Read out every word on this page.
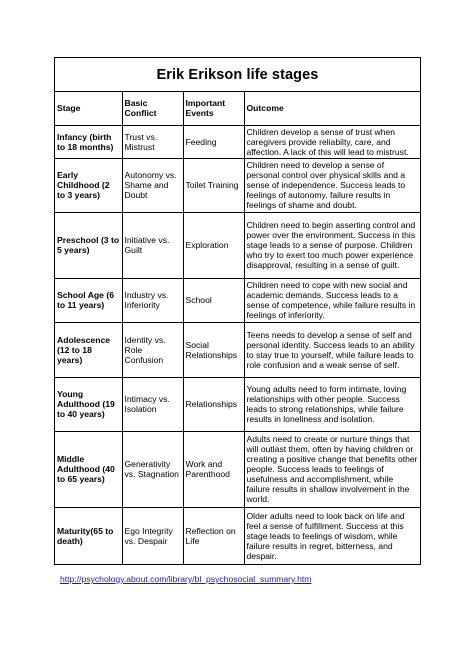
Erik Erikson life stages
Stage	Basic Conflict	Important Events	Outcome
Infancy (birth to 18 months)	Trust vs. Mistrust	Feeding	Children develop a sense of trust when caregivers provide reliabilty, care, and affection. A lack of this will lead to mistrust.
Early Childhood (2 to 3 years)	Autonomy vs. Shame and Doubt	Toilet Training	Children need to develop a sense of personal control over physical skills and a sense of independence. Success leads to feelings of autonomy, failure results in feelings of shame and doubt.
Preschool (3 to 5 years)	Initiative vs. Guilt	Exploration	Children need to begin asserting control and power over the environment. Success in this stage leads to a sense of purpose. Children who try to exert too much power experience disapproval, resulting in a sense of guilt.
School Age (6 to 11 years)	Industry vs. Inferiority	School	Children need to cope with new social and academic demands. Success leads to a sense of competence, while failure results in feelings of inferiority.
Adolescence (12 to 18 years)	Identity vs. Role Confusion	Social Relationships	Teens needs to develop a sense of self and personal identity. Success leads to an ability to stay true to yourself, while failure leads to role confusion and a weak sense of self.
Young Adulthood (19 to 40 years)	Intimacy vs. Isolation	Relationships	Young adults need to form intimate, loving relationships with other people. Success leads to strong relationships, while failure results in loneliness and isolation.
Middle Adulthood (40 to 65 years)	Generativity vs. Stagnation	Work and Parenthood	Adults need to create or nurture things that will outlast them, often by having children or creating a positive change that benefits other people. Success leads to feelings of usefulness and accomplishment, while failure results in shallow involvement in the world.
Maturity(65 to death)	Ego Integrity vs. Despair	Reflection on Life	Older adults need to look back on life and feel a sense of fulfillment. Success at this stage leads to feelings of wisdom, while failure results in regret, bitterness, and despair.
http://psychology.about.com/library/bl_psychosocial_summary.htm
